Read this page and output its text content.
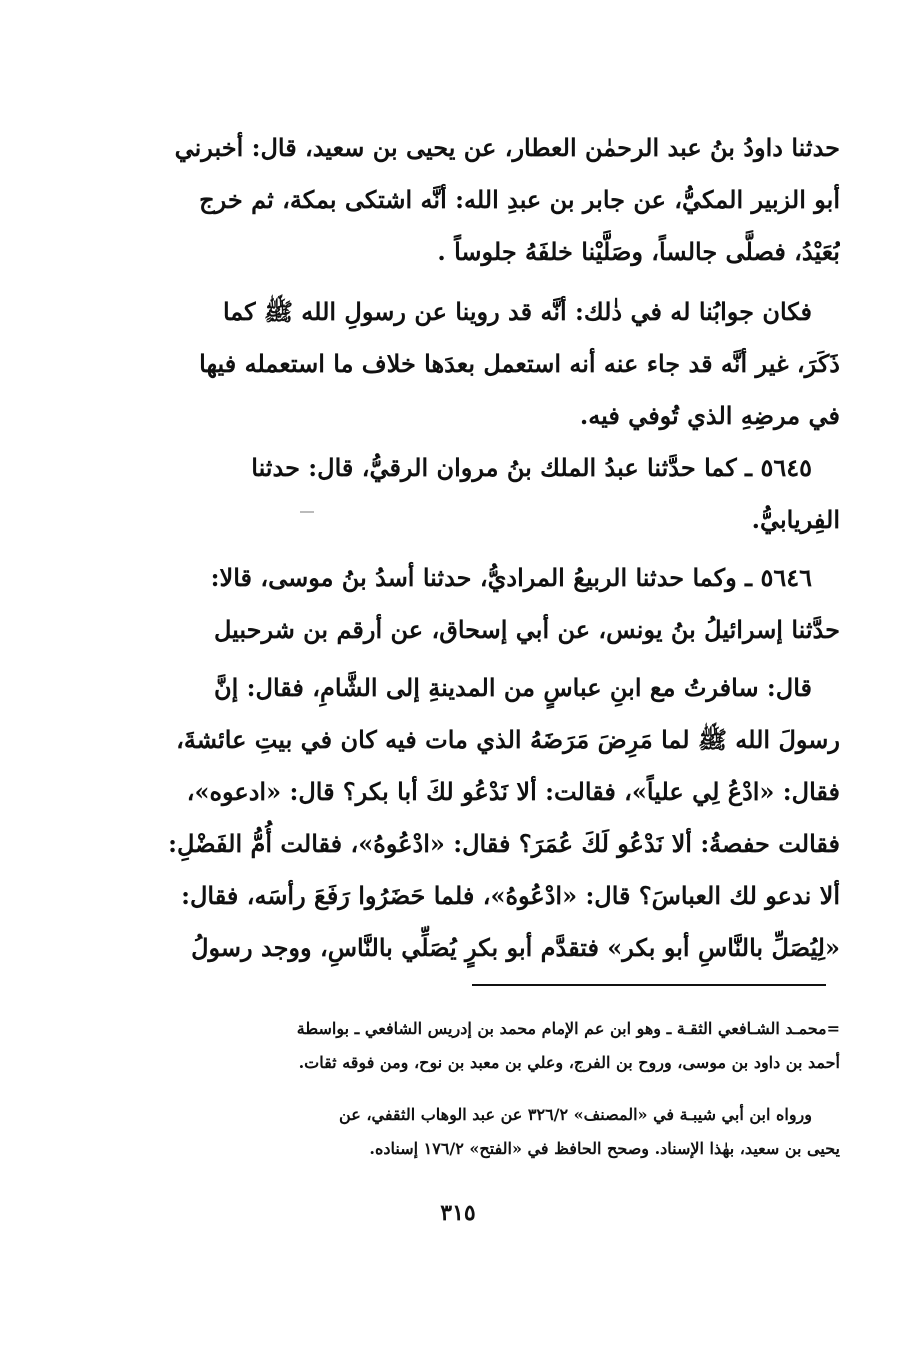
حدثنا داودُ بنُ عبد الرحمٰن العطار، عن يحيى بن سعيد، قال: أخبرني
أبو الزبير المكيُّ، عن جابر بن عبدِ الله: أنَّه اشتكى بمكة، ثم خرج
بُعَيْدُ، فصلَّى جالساً، وصَلَّيْنا خلفَهُ جلوساً .
فكان جوابُنا له في ذٰلك: أنَّه قد روينا عن رسولِ الله ﷺ كما
ذَكَرَ، غير أنَّه قد جاء عنه أنه استعمل بعدَها خلاف ما استعمله فيها
في مرضِهِ الذي تُوفي فيه.
٥٦٤٥ ـ كما حدَّثنا عبدُ الملك بنُ مروان الرقيُّ، قال: حدثنا
الفِريابيُّ.
٥٦٤٦ ـ وكما حدثنا الربيعُ المراديُّ، حدثنا أسدُ بنُ موسى، قالا:
حدَّثنا إسرائيلُ بنُ يونس، عن أبي إسحاق، عن أرقم بن شرحبيل
قال: سافرتُ مع ابنِ عباسٍ من المدينةِ إلى الشَّامِ، فقال: إنَّ
رسولَ الله ﷺ لما مَرِضَ مَرَضَهُ الذي مات فيه كان في بيتِ عائشةَ،
فقال: «ادْعُ لِي علياً»، فقالت: ألا نَدْعُو لكَ أبا بكر؟ قال: «ادعوه»،
فقالت حفصةُ: ألا نَدْعُو لَكَ عُمَرَ؟ فقال: «ادْعُوهُ»، فقالت أُمُّ الفَضْلِ:
ألا ندعو لك العباسَ؟ قال: «ادْعُوهُ»، فلما حَضَرُوا رَفَعَ رأسَه، فقال:
«لِيُصَلِّ بالنَّاسِ أبو بكر» فتقدَّم أبو بكرٍ يُصَلِّي بالنَّاسِ، ووجد رسولُ
=محمـد الشـافعي الثقـة ـ وهو ابن عم الإمام محمد بن إدريس الشافعي ـ بواسطة
أحمد بن داود بن موسى، وروح بن الفرج، وعلي بن معبد بن نوح، ومن فوقه ثقات.
ورواه ابن أبي شيبـة في «المصنف» ٣٢٦/٢ عن عبد الوهاب الثقفي، عن
يحيى بن سعيد، بهٰذا الإسناد. وصحح الحافظ في «الفتح» ١٧٦/٢ إسناده.
٣١٥
